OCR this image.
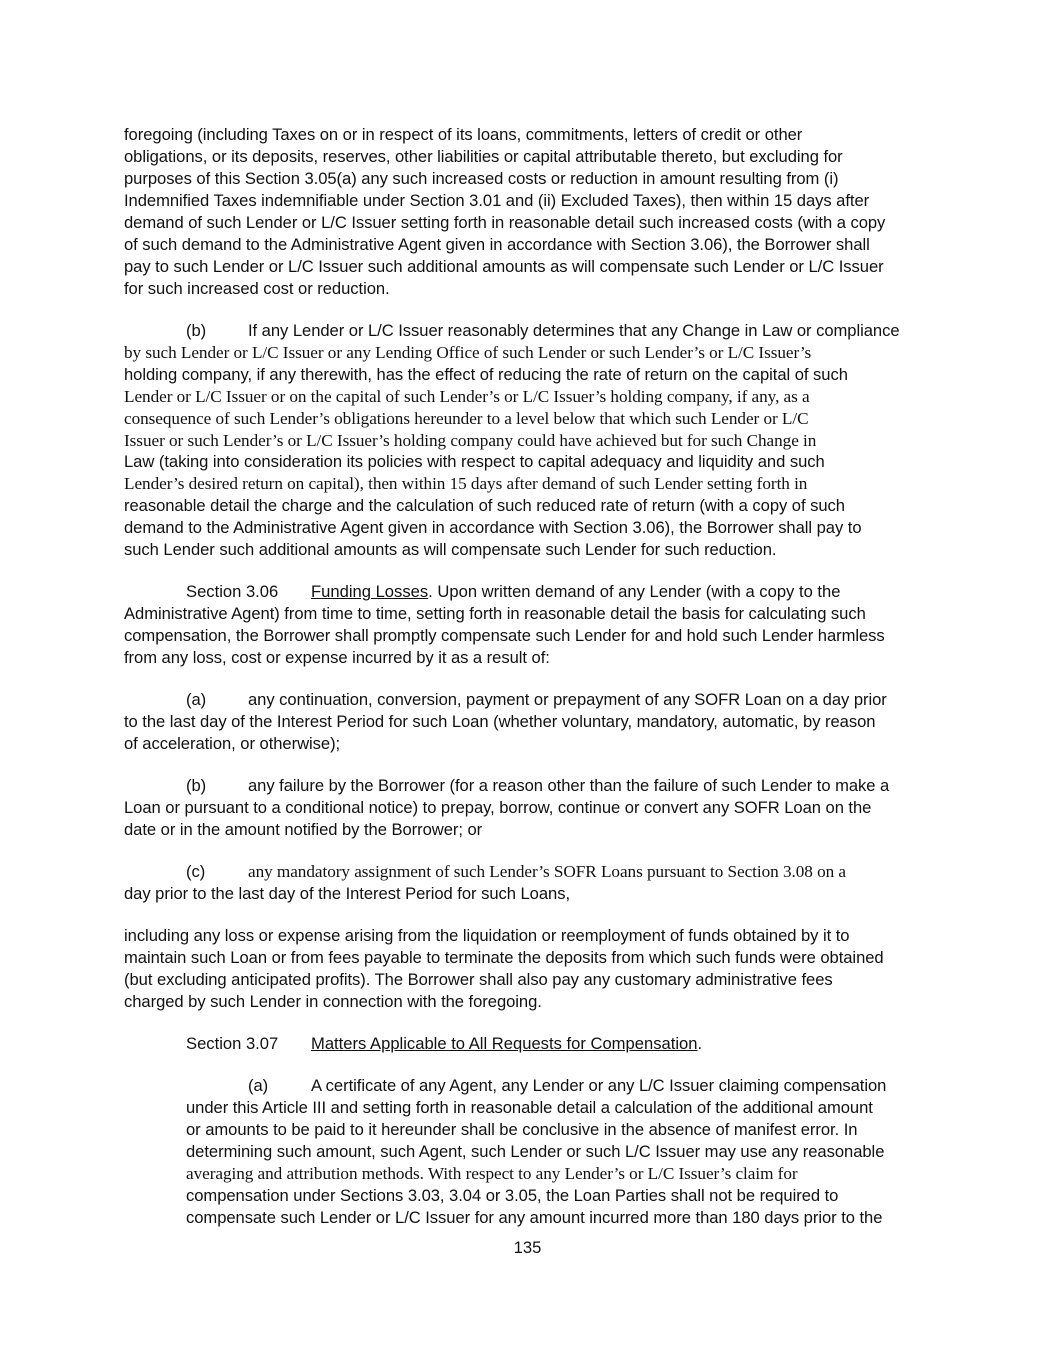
foregoing (including Taxes on or in respect of its loans, commitments, letters of credit or other
obligations, or its deposits, reserves, other liabilities or capital attributable thereto, but excluding for
purposes of this Section 3.05(a) any such increased costs or reduction in amount resulting from (i)
Indemnified Taxes indemnifiable under Section 3.01 and (ii) Excluded Taxes), then within 15 days after
demand of such Lender or L/C Issuer setting forth in reasonable detail such increased costs (with a copy
of such demand to the Administrative Agent given in accordance with Section 3.06), the Borrower shall
pay to such Lender or L/C Issuer such additional amounts as will compensate such Lender or L/C Issuer
for such increased cost or reduction.
(b)	If any Lender or L/C Issuer reasonably determines that any Change in Law or compliance
by such Lender or L/C Issuer or any Lending Office of such Lender or such Lender’s or L/C Issuer’s
holding company, if any therewith, has the effect of reducing the rate of return on the capital of such
Lender or L/C Issuer or on the capital of such Lender’s or L/C Issuer’s holding company, if any, as a
consequence of such Lender’s obligations hereunder to a level below that which such Lender or L/C
Issuer or such Lender’s or L/C Issuer’s holding company could have achieved but for such Change in
Law (taking into consideration its policies with respect to capital adequacy and liquidity and such
Lender’s desired return on capital), then within 15 days after demand of such Lender setting forth in
reasonable detail the charge and the calculation of such reduced rate of return (with a copy of such
demand to the Administrative Agent given in accordance with Section 3.06), the Borrower shall pay to
such Lender such additional amounts as will compensate such Lender for such reduction.
Section 3.06 Funding Losses. Upon written demand of any Lender (with a copy to the
Administrative Agent) from time to time, setting forth in reasonable detail the basis for calculating such
compensation, the Borrower shall promptly compensate such Lender for and hold such Lender harmless
from any loss, cost or expense incurred by it as a result of:
(a)	any continuation, conversion, payment or prepayment of any SOFR Loan on a day prior
to the last day of the Interest Period for such Loan (whether voluntary, mandatory, automatic, by reason
of acceleration, or otherwise);
(b)	any failure by the Borrower (for a reason other than the failure of such Lender to make a
Loan or pursuant to a conditional notice) to prepay, borrow, continue or convert any SOFR Loan on the
date or in the amount notified by the Borrower; or
(c) any mandatory assignment of such Lender’s SOFR Loans pursuant to Section 3.08 on a
day prior to the last day of the Interest Period for such Loans,
including any loss or expense arising from the liquidation or reemployment of funds obtained by it to
maintain such Loan or from fees payable to terminate the deposits from which such funds were obtained
(but excluding anticipated profits). The Borrower shall also pay any customary administrative fees
charged by such Lender in connection with the foregoing.
Section 3.07 Matters Applicable to All Requests for Compensation.
(a)	A certificate of any Agent, any Lender or any L/C Issuer claiming compensation
under this Article III and setting forth in reasonable detail a calculation of the additional amount
or amounts to be paid to it hereunder shall be conclusive in the absence of manifest error. In
determining such amount, such Agent, such Lender or such L/C Issuer may use any reasonable
averaging and attribution methods. With respect to any Lender’s or L/C Issuer’s claim for
compensation under Sections 3.03, 3.04 or 3.05, the Loan Parties shall not be required to
compensate such Lender or L/C Issuer for any amount incurred more than 180 days prior to the
135
